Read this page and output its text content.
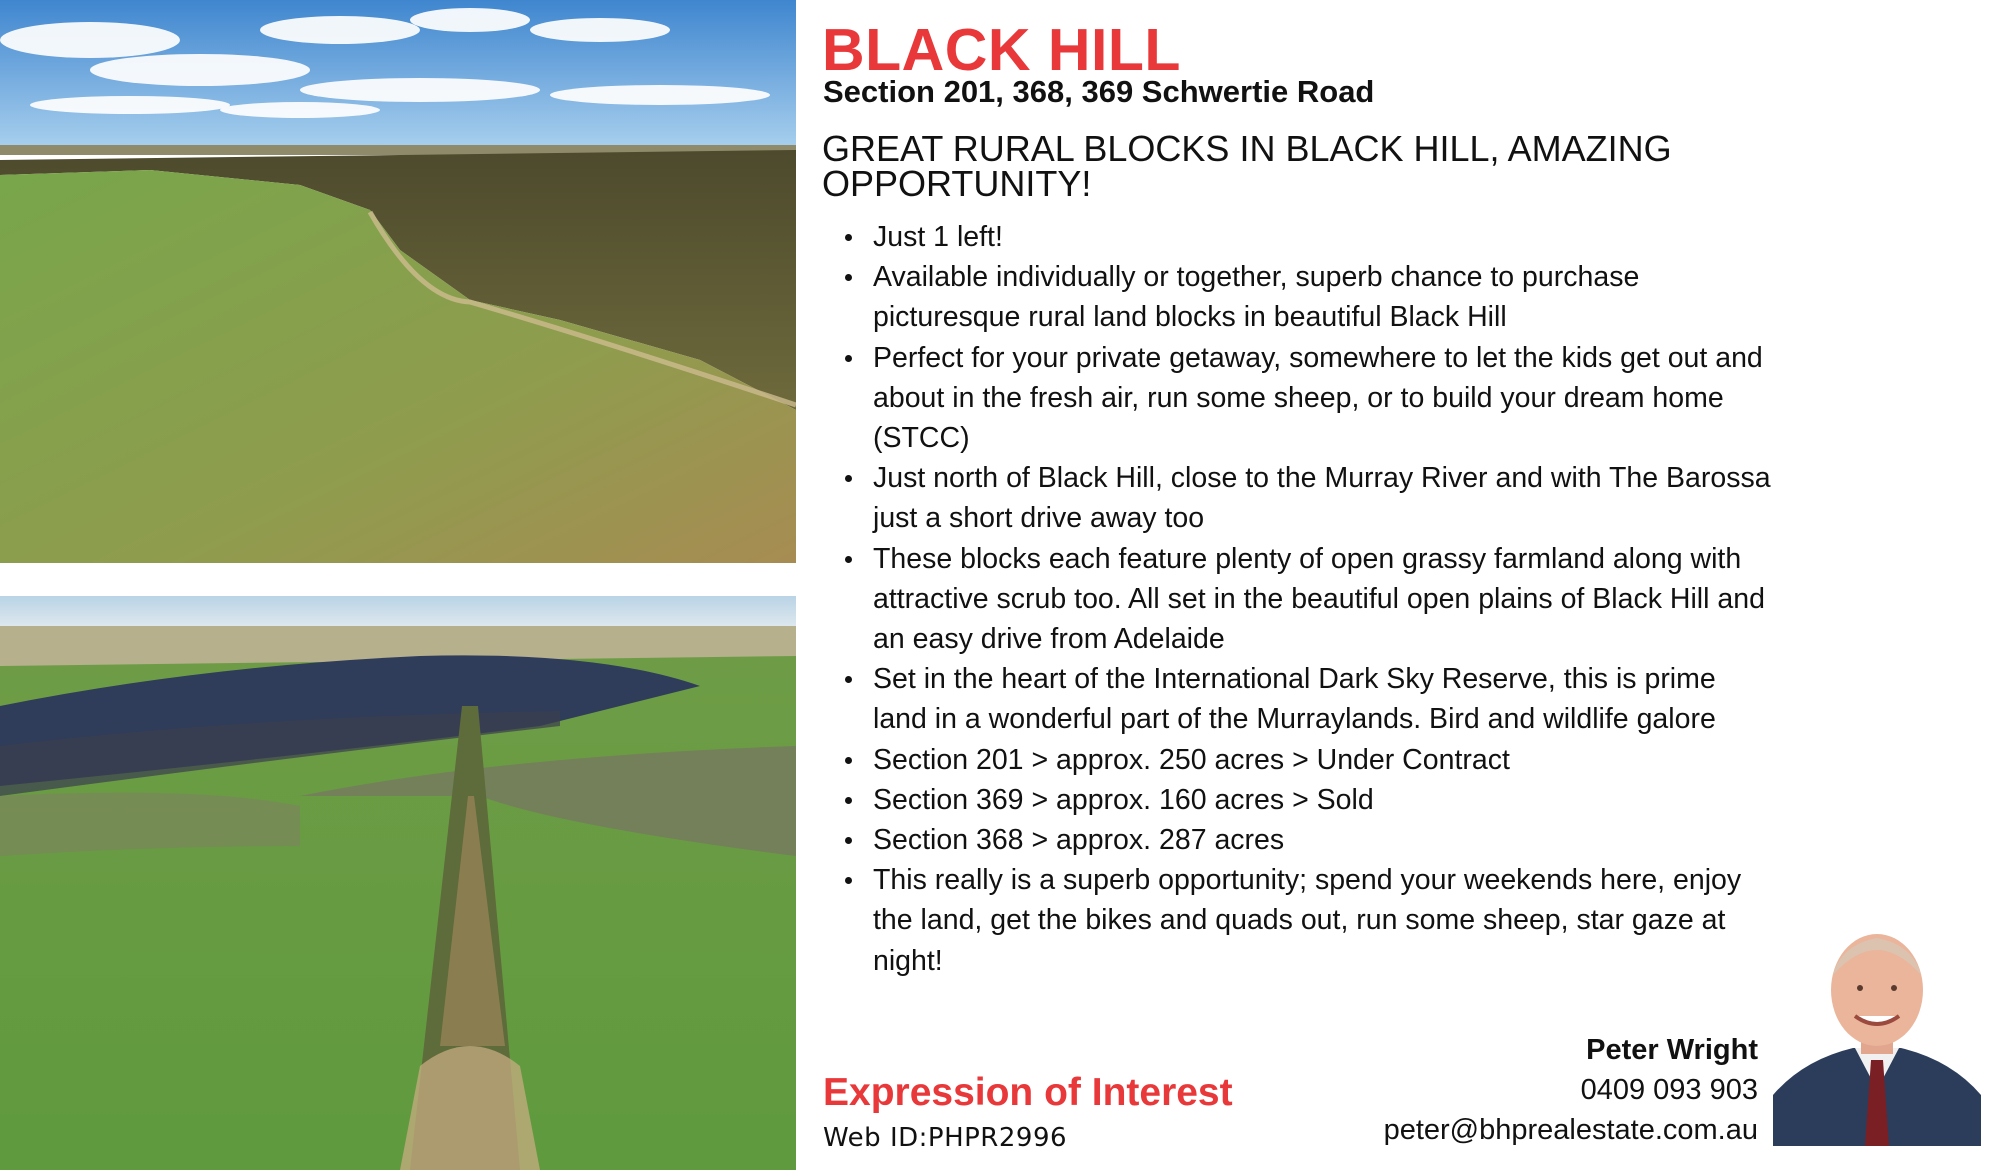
BLACK HILL
Section 201, 368, 369 Schwertie Road
GREAT RURAL BLOCKS IN BLACK HILL, AMAZING OPPORTUNITY!
Just 1 left!
Available individually or together, superb chance to purchase picturesque rural land blocks in beautiful Black Hill
Perfect for your private getaway, somewhere to let the kids get out and about in the fresh air, run some sheep, or to build your dream home (STCC)
Just north of Black Hill, close to the Murray River and with The Barossa just a short drive away too
These blocks each feature plenty of open grassy farmland along with attractive scrub too. All set in the beautiful open plains of Black Hill and an easy drive from Adelaide
Set in the heart of the International Dark Sky Reserve, this is prime land in a wonderful part of the Murraylands. Bird and wildlife galore
Section 201 > approx. 250 acres > Under Contract
Section 369 > approx. 160 acres > Sold
Section 368 > approx. 287 acres
This really is a superb opportunity; spend your weekends here, enjoy the land, get the bikes and quads out, run some sheep, star gaze at night!
Expression of Interest
Web ID:PHPR2996
Peter Wright
0409 093 903
peter@bhprealestate.com.au
